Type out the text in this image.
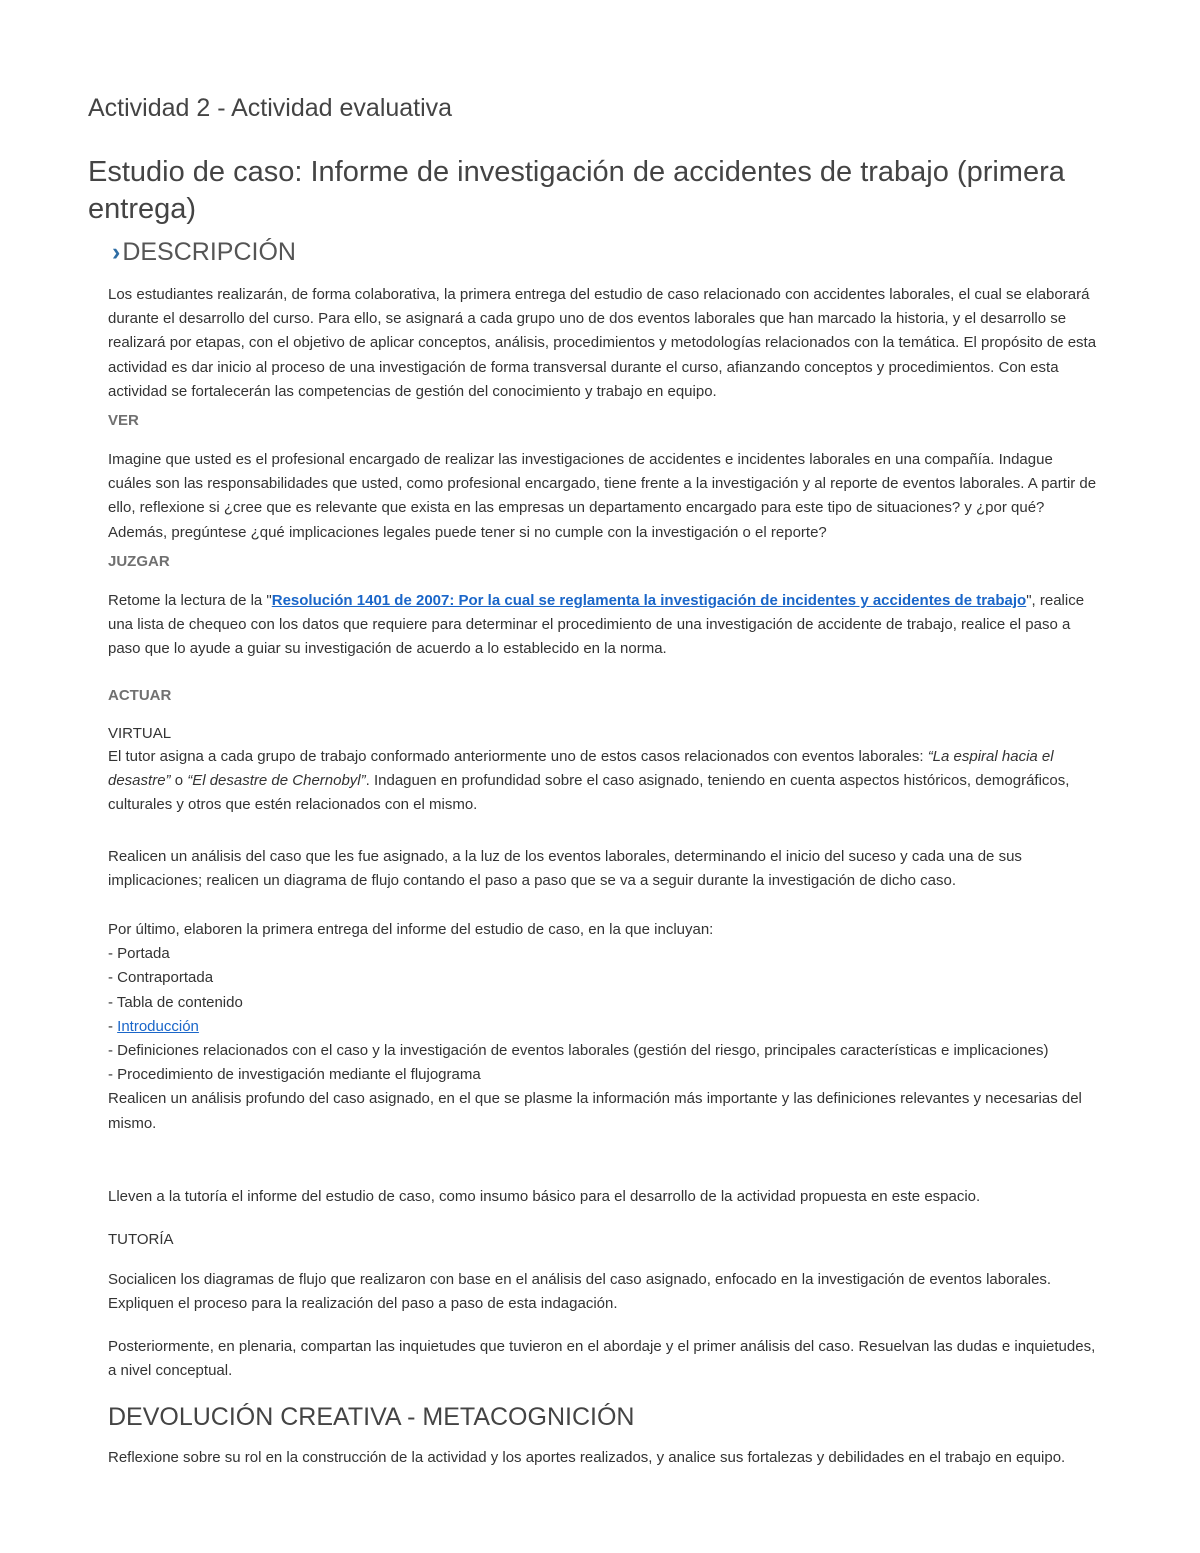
Actividad 2 - Actividad evaluativa
Estudio de caso: Informe de investigación de accidentes de trabajo (primera entrega)
›DESCRIPCIÓN
Los estudiantes realizarán, de forma colaborativa, la primera entrega del estudio de caso relacionado con accidentes laborales, el cual se elaborará durante el desarrollo del curso. Para ello, se asignará a cada grupo uno de dos eventos laborales que han marcado la historia, y el desarrollo se realizará por etapas, con el objetivo de aplicar conceptos, análisis, procedimientos y metodologías relacionados con la temática. El propósito de esta actividad es dar inicio al proceso de una investigación de forma transversal durante el curso, afianzando conceptos y procedimientos. Con esta actividad se fortalecerán las competencias de gestión del conocimiento y trabajo en equipo.
VER
Imagine que usted es el profesional encargado de realizar las investigaciones de accidentes e incidentes laborales en una compañía. Indague cuáles son las responsabilidades que usted, como profesional encargado, tiene frente a la investigación y al reporte de eventos laborales. A partir de ello, reflexione si ¿cree que es relevante que exista en las empresas un departamento encargado para este tipo de situaciones? y ¿por qué? Además, pregúntese ¿qué implicaciones legales puede tener si no cumple con la investigación o el reporte?
JUZGAR
Retome la lectura de la "Resolución 1401 de 2007: Por la cual se reglamenta la investigación de incidentes y accidentes de trabajo", realice una lista de chequeo con los datos que requiere para determinar el procedimiento de una investigación de accidente de trabajo, realice el paso a paso que lo ayude a guiar su investigación de acuerdo a lo establecido en la norma.
ACTUAR
VIRTUAL
El tutor asigna a cada grupo de trabajo conformado anteriormente uno de estos casos relacionados con eventos laborales: “La espiral hacia el desastre” o “El desastre de Chernobyl”. Indaguen en profundidad sobre el caso asignado, teniendo en cuenta aspectos históricos, demográficos, culturales y otros que estén relacionados con el mismo.
Realicen un análisis del caso que les fue asignado, a la luz de los eventos laborales, determinando el inicio del suceso y cada una de sus implicaciones; realicen un diagrama de flujo contando el paso a paso que se va a seguir durante la investigación de dicho caso.
Por último, elaboren la primera entrega del informe del estudio de caso, en la que incluyan:
- Portada
- Contraportada
- Tabla de contenido
- Introducción
- Definiciones relacionados con el caso y la investigación de eventos laborales (gestión del riesgo, principales características e implicaciones)
- Procedimiento de investigación mediante el flujograma
Realicen un análisis profundo del caso asignado, en el que se plasme la información más importante y las definiciones relevantes y necesarias del mismo.
Lleven a la tutoría el informe del estudio de caso, como insumo básico para el desarrollo de la actividad propuesta en este espacio.
TUTORÍA
Socialicen los diagramas de flujo que realizaron con base en el análisis del caso asignado, enfocado en la investigación de eventos laborales. Expliquen el proceso para la realización del paso a paso de esta indagación.
Posteriormente, en plenaria, compartan las inquietudes que tuvieron en el abordaje y el primer análisis del caso. Resuelvan las dudas e inquietudes, a nivel conceptual.
DEVOLUCIÓN CREATIVA - METACOGNICIÓN
Reflexione sobre su rol en la construcción de la actividad y los aportes realizados, y analice sus fortalezas y debilidades en el trabajo en equipo.
